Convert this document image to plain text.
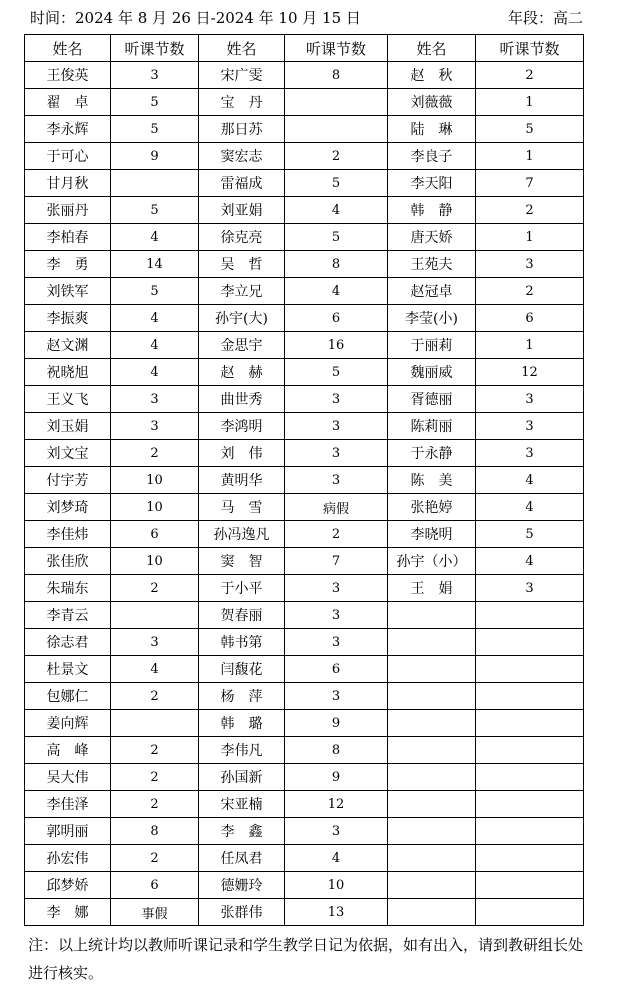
时间：2024 年 8 月 26 日-2024 年 10 月 15 日	年段：高二
姓名	听课节数	姓名	听课节数	姓名	听课节数
王俊英	3	宋广雯	8	赵　秋	2
翟　卓	5	宝　丹		刘薇薇	1
李永辉	5	那日苏		陆　琳	5
于可心	9	窦宏志	2	李良子	1
甘月秋		雷福成	5	李天阳	7
张丽丹	5	刘亚娟	4	韩　静	2
李柏春	4	徐克亮	5	唐天娇	1
李　勇	14	吴　哲	8	王苑夫	3
刘铁军	5	李立兄	4	赵冠卓	2
李振爽	4	孙宇(大)	6	李莹(小)	6
赵文渊	4	金思宇	16	于丽莉	1
祝晓旭	4	赵　赫	5	魏丽威	12
王义飞	3	曲世秀	3	胥德丽	3
刘玉娟	3	李鸿明	3	陈莉丽	3
刘文宝	2	刘　伟	3	于永静	3
付宇芳	10	黄明华	3	陈　美	4
刘梦琦	10	马　雪	病假	张艳婷	4
李佳炜	6	孙冯逸凡	2	李晓明	5
张佳欣	10	窦　智	7	孙宇（小）	4
朱瑞东	2	于小平	3	王　娟	3
李青云		贺春丽	3		
徐志君	3	韩书第	3		
杜景文	4	闫馥花	6		
包娜仁	2	杨　萍	3		
姜向辉		韩　璐	9		
高　峰	2	李伟凡	8		
吴大伟	2	孙国新	9		
李佳泽	2	宋亚楠	12		
郭明丽	8	李　鑫	3		
孙宏伟	2	任凤君	4		
邱梦娇	6	德姗玲	10		
李　娜	事假	张群伟	13		
注：以上统计均以教师听课记录和学生教学日记为依据，如有出入，请到教研组长处进行核实。
